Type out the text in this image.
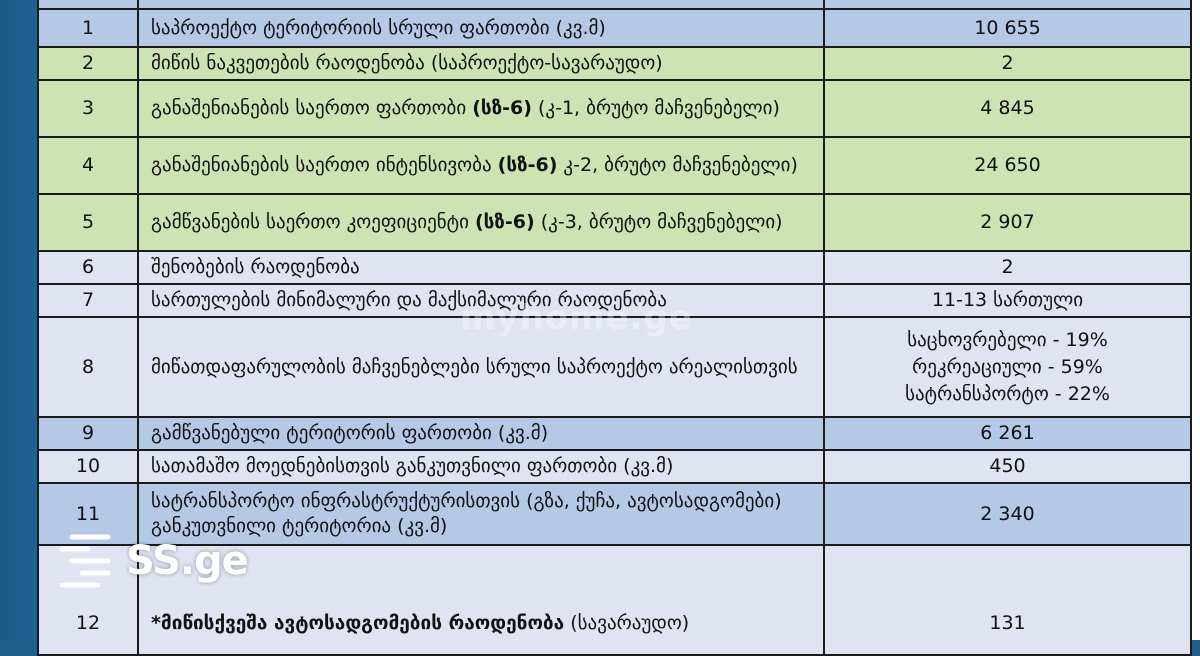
1	საპროექტო ტერიტორიის სრული ფართობი (კვ.მ)	10 655
2	მიწის ნაკვეთების რაოდენობა (საპროექტო-სავარაუდო)	2
3	განაშენიანების საერთო ფართობი (სზ-6) (კ-1, ბრუტო მაჩვენებელი)	4 845
4	განაშენიანების საერთო ინტენსივობა (სზ-6) კ-2, ბრუტო მაჩვენებელი)	24 650
5	გამწვანების საერთო კოეფიციენტი (სზ-6) (კ-3, ბრუტო მაჩვენებელი)	2 907
6	შენობების რაოდენობა	2
7	სართულების მინიმალური და მაქსიმალური რაოდენობა	11-13 სართული
8	მიწათდაფარულობის მაჩვენებლები სრული საპროექტო არეალისთვის	საცხოვრებელი - 19%
რეკრეაციული - 59%
სატრანსპორტო - 22%

9	გამწვანებული ტერიტორის ფართობი (კვ.მ)	6 261
10	სათამაშო მოედნებისთვის განკუთვნილი ფართობი (კვ.მ)	450
11	სატრანსპორტო ინფრასტრუქტურისთვის (გზა, ქუჩა, ავტოსადგომები) განკუთვნილი ტერიტორია (კვ.მ)	2 340
12	*მიწისქვეშა ავტოსადგომების რაოდენობა (სავარაუდო)	131
myhome.ge
SS.ge
